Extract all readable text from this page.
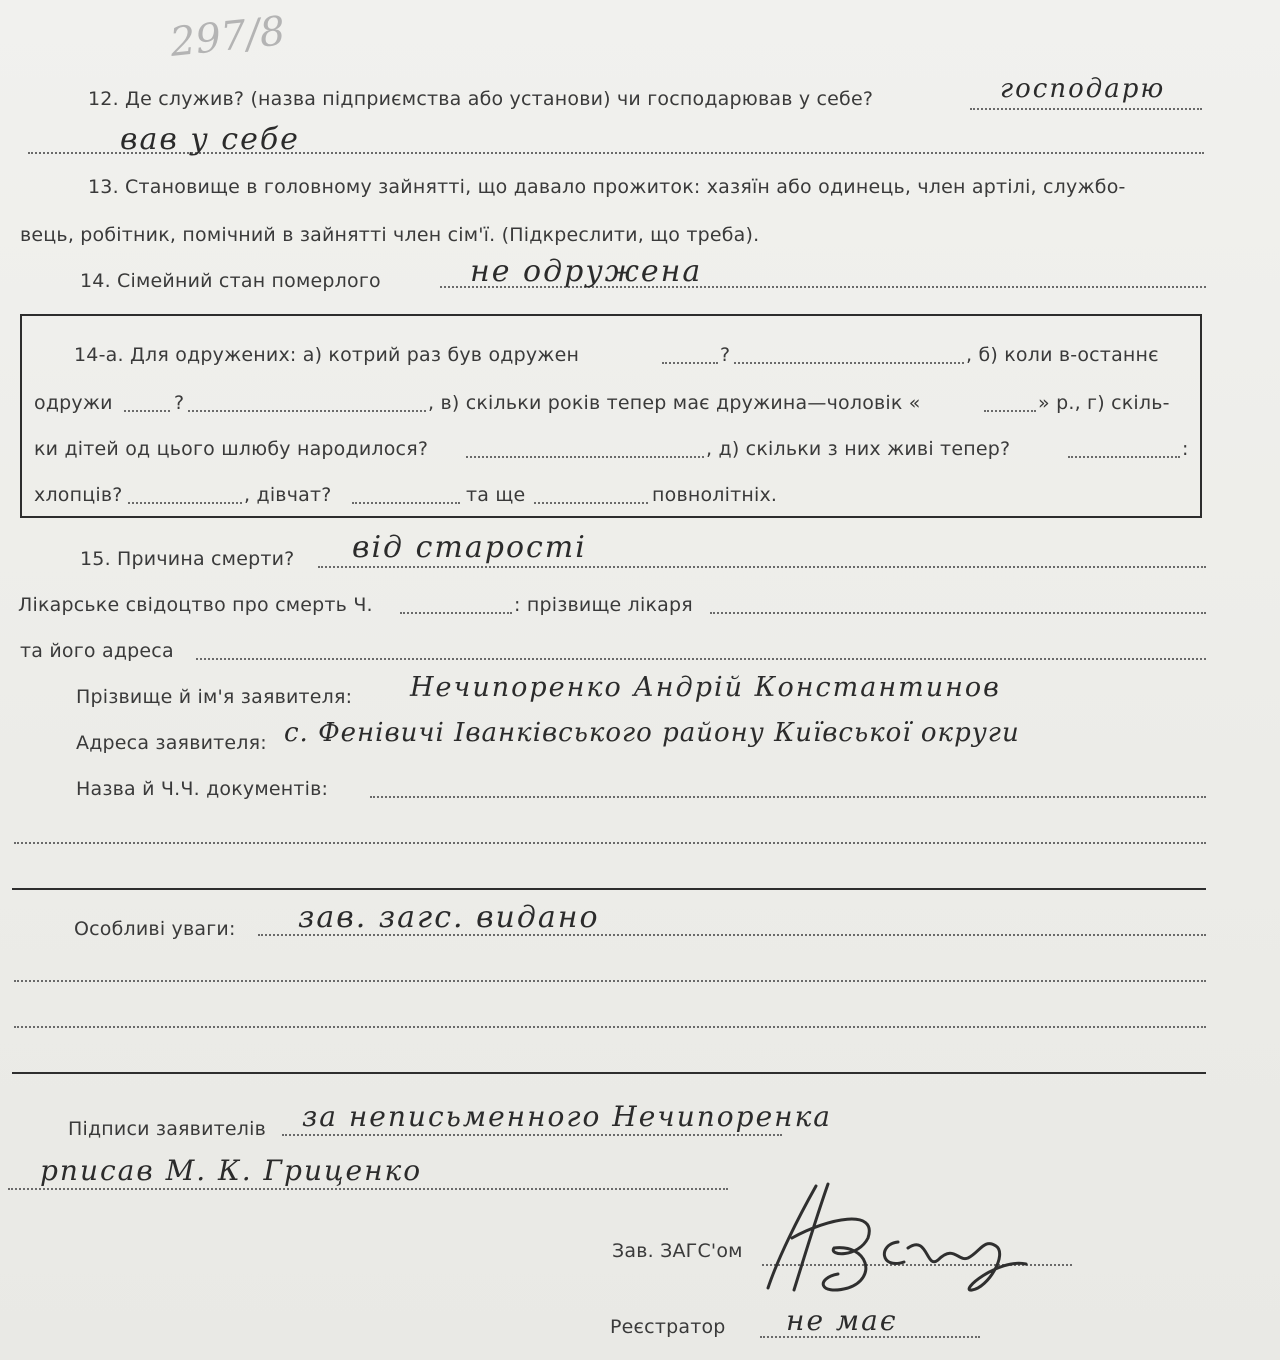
297/8
12. Де служив? (назва підприємства або установи) чи господарював у себе?	господарю
вав у себе
13. Становище в головному зайнятті, що давало прожиток: хазяїн або одинець, член артілі, службо-
вець, робітник, помічний в зайнятті член сім'ї. (Підкреслити, що треба).
14. Сімейний стан померлого	не одружена
14-а. Для одружених: а) котрий раз був одружен	?	, б) коли в-останнє
одружи	?	, в) скільки років тепер має дружина—чоловік «	» р., г) скіль-
ки дітей од цього шлюбу народилося?	, д) скільки з них живі тепер?	:
хлопців?	, дівчат?	та ще	повнолітніх.
15. Причина смерти? від старості
Лікарське свідоцтво про смерть Ч.	: прізвище лікаря
та його адреса
Прізвище й ім'я заявителя: Нечипоренко Андрій Константинов
Адреса заявителя: с. Фенівичі Іванківського району Київської округи
Назва й Ч.Ч. документів:
Особливі уваги: зав. загс. видано
Підписи заявителів за неписьменного Нечипоренка
рписав М. К. Гриценко
Зав. ЗАГС'ом
Реєстратор не має
